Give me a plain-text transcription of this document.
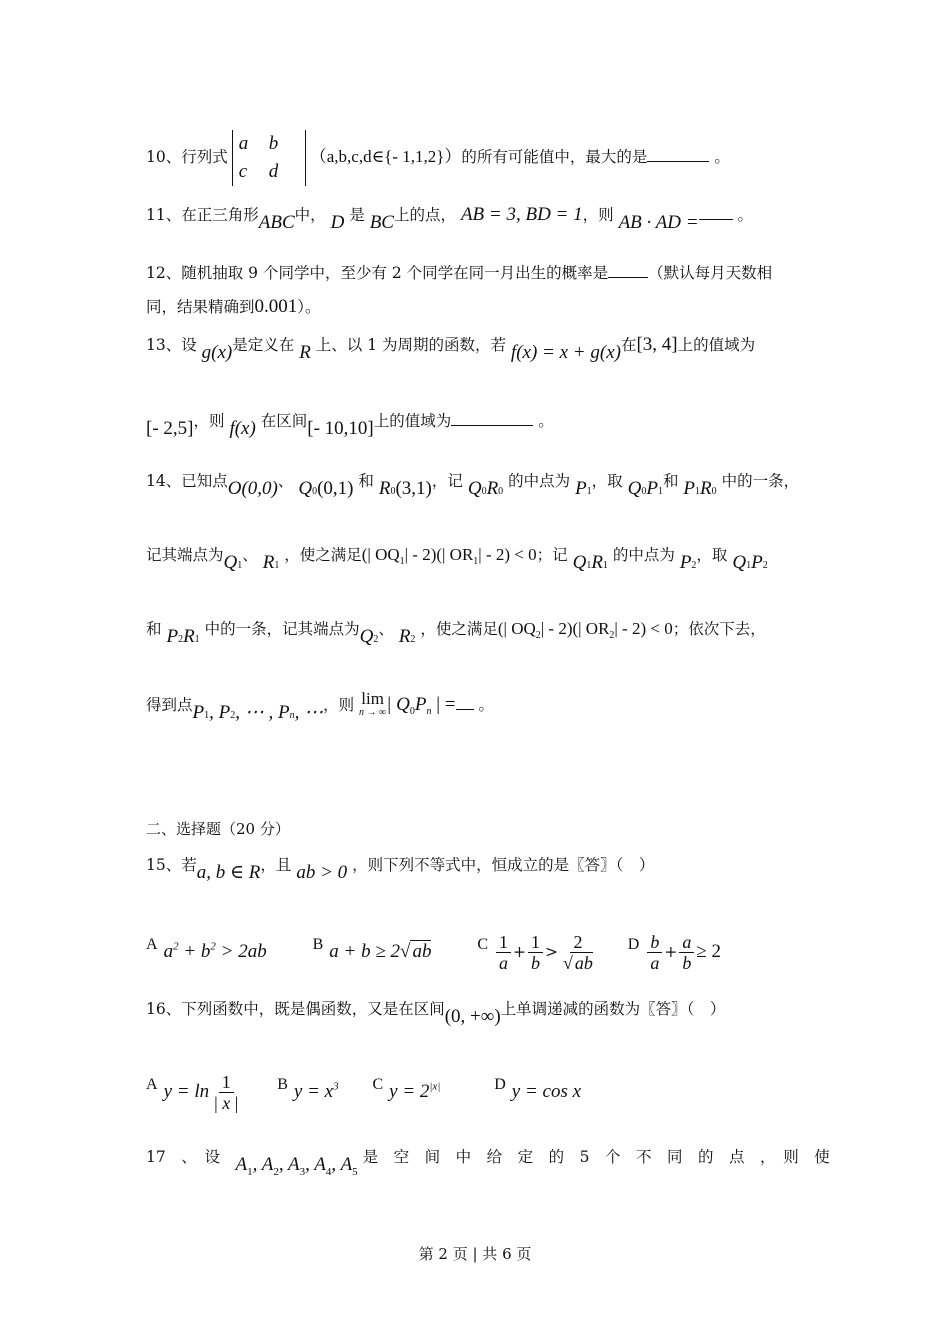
10、行列式a b
c d（a,b,c,d∈{- 1,1,2}）的所有可能值中，最大的是	。
11、在正三角形ABC中， D 是 BC上的点， AB = 3, BD = 1，则 AB · AD =	。
12、随机抽取 9 个同学中，至少有 2 个同学在同一月出生的概率是	（默认每月天数相
同，结果精确到0.001）。
13、设 g(x)是定义在 R 上、以 1 为周期的函数，若 f(x) = x + g(x)在[3, 4]上的值域为
[- 2,5]，则 f(x) 在区间[- 10,10]上的值域为	。
14、已知点O(0,0)、 $Q_0(0,1)$ 和 $R_0(3,1)$，记 $Q_0R_0$ 的中点为 $P_1$，取 $Q_0P_1$和 $P_1R_0$ 中的一条，
记其端点为$Q_1$、 $R_1$ ，使之满足(| $OQ_1| - 2)(|$ $OR_1| - 2) < 0$；记 $Q_1R_1$ 的中点为 $P_2$，取 $Q_1P_2$
和 $P_2R_1$ 中的一条，记其端点为$Q_2$、 $R_2$ ，使之满足(| $OQ_2| - 2)(|$ $OR_2| - 2) < 0$；依次下去，
得到点$P_1$, $P_2$, ⋯ , $P_n$, ⋯，则 lim
n → ∞ | $Q_0P_n$ | = 。
二、选择题（20 分）
15、若a, b ∈ R，且 ab > 0 ，则下列不等式中，恒成立的是〖答〗（　）
A $a^2 + b^2 > 2ab$	B a + b ≥ 2√ ab	C $\frac{1}{a} + \frac{1}{b} > \frac{2}{√ ab}$ D $\frac{b}{a} + \frac{a}{b} \ge 2$
16、下列函数中，既是偶函数，又是在区间(0, +∞)上单调递减的函数为〖答〗（　）
A $y = \ln \frac{1}{| x |}$ B $y = x^3$ C $y = 2^{|x|}$	D y = cos x
17　、　设　 $A_1$, $A_2$, $A_3$, $A_4$, $A_5$ 是　空　间　中　给　定　的　5　个　不　同　的　点　，　则　使
第 2 页 | 共 6 页
